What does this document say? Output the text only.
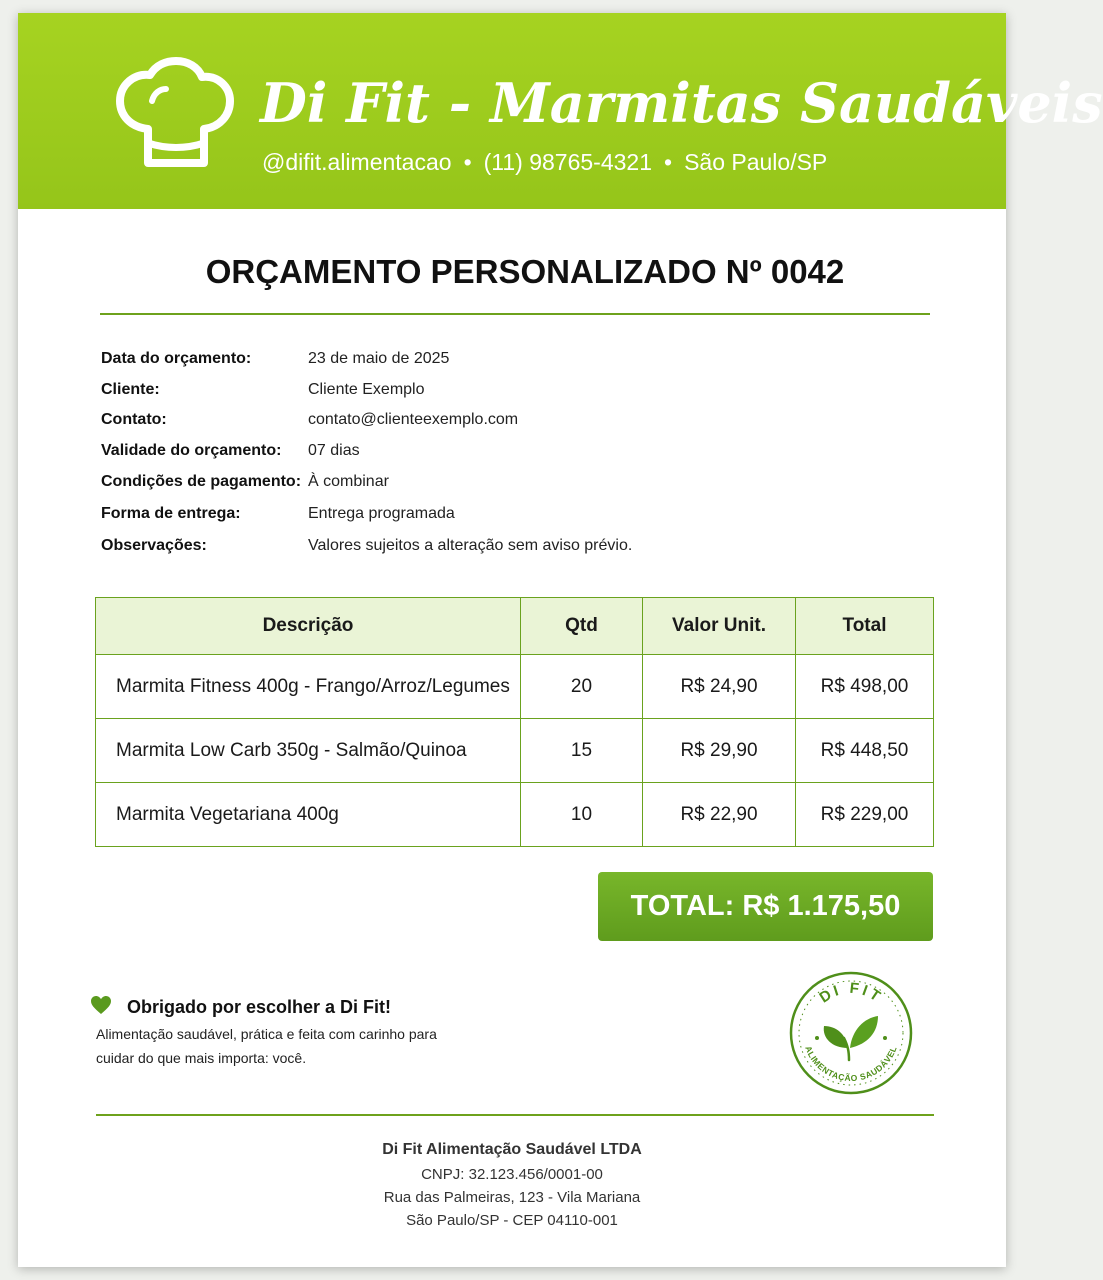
Di Fit - Marmitas Saudáveis
@difit.alimentacao • (11) 98765-4321 • São Paulo/SP
ORÇAMENTO PERSONALIZADO Nº 0042
Data do orçamento:	23 de maio de 2025
Cliente:	Cliente Exemplo
Contato:	contato@clienteexemplo.com
Validade do orçamento: 07 dias
Condições de pagamento: À combinar
Forma de entrega:	Entrega programada
Observações:	Valores sujeitos a alteração sem aviso prévio.
Descrição	Qtd	Valor Unit.	Total
Marmita Fitness 400g - Frango/Arroz/Legumes	20	R$ 24,90	R$ 498,00
Marmita Low Carb 350g - Salmão/Quinoa	15	R$ 29,90	R$ 448,50
Marmita Vegetariana 400g	10	R$ 22,90	R$ 229,00
TOTAL: R$ 1.175,50
Obrigado por escolher a Di Fit!
Alimentação saudável, prática e feita com carinho para
cuidar do que mais importa: você.
DI FIT
ALIMENTAÇÃO SAUDÁVEL
Di Fit Alimentação Saudável LTDA
CNPJ: 32.123.456/0001-00
Rua das Palmeiras, 123 - Vila Mariana
São Paulo/SP - CEP 04110-001
